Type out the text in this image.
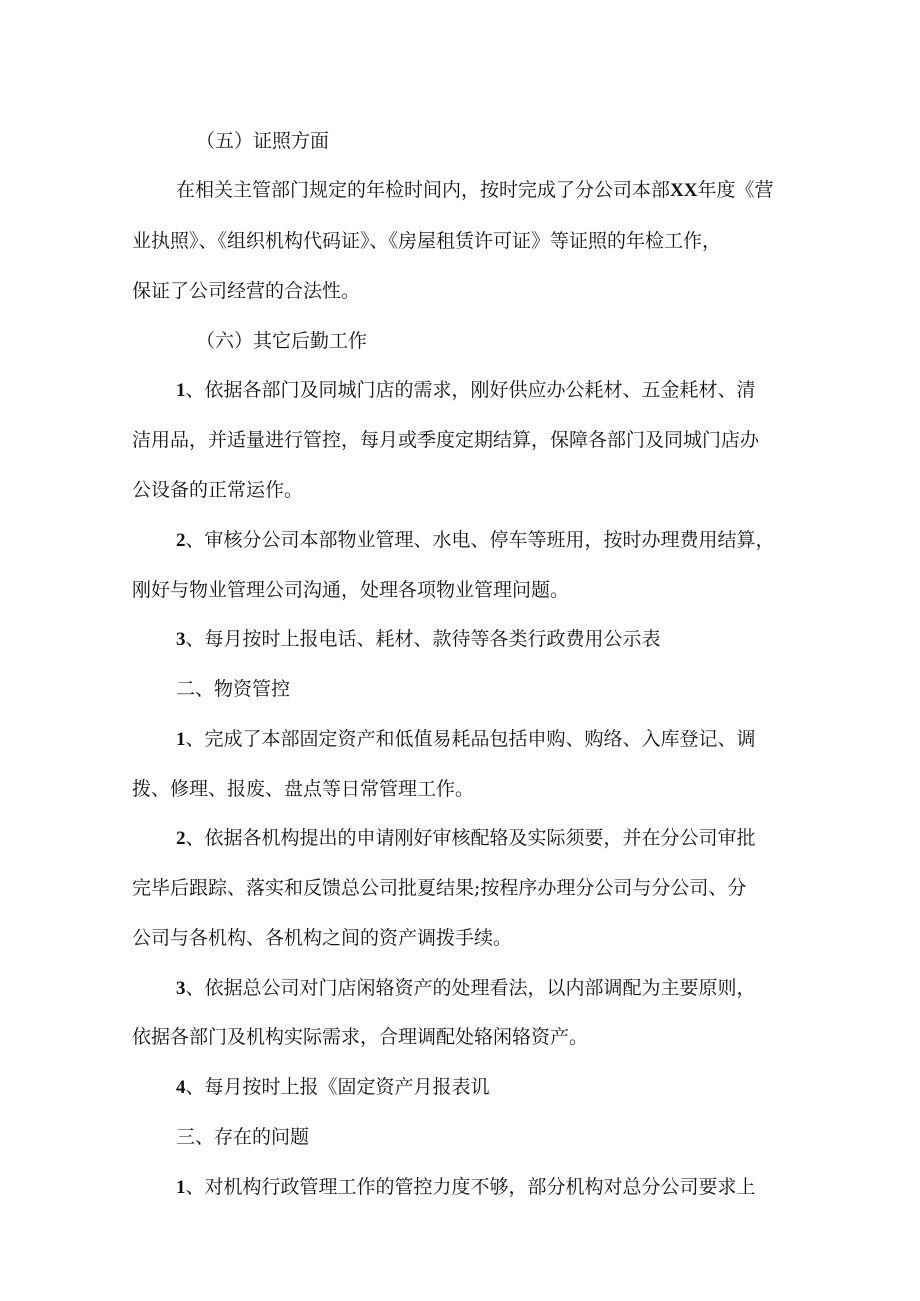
（五）证照方面
在相关主管部门规定的年检时间内，按时完成了分公司本部XX年度《营
业执照》、《组织机构代码证》、《房屋租赁许可证》等证照的年检工作，
保证了公司经营的合法性。
（六）其它后勤工作
1、依据各部门及同城门店的需求，刚好供应办公耗材、五金耗材、清
洁用品，并适量进行管控，每月或季度定期结算，保障各部门及同城门店办
公设备的正常运作。
2、审核分公司本部物业管理、水电、停车等班用，按时办理费用结算，
刚好与物业管理公司沟通，处理各项物业管理问题。
3、每月按时上报电话、耗材、款待等各类行政费用公示表
二、物资管控
1、完成了本部固定资产和低值易耗品包括申购、购络、入库登记、调
拨、修理、报废、盘点等日常管理工作。
2、依据各机构提出的申请刚好审核配辂及实际须要，并在分公司审批
完毕后跟踪、落实和反馈总公司批夏结果;按程序办理分公司与分公司、分
公司与各机构、各机构之间的资产调拨手续。
3、依据总公司对门店闲辂资产的处理看法，以内部调配为主要原则，
依据各部门及机构实际需求，合理调配处辂闲辂资产。
4、每月按时上报《固定资产月报表讥
三、存在的问题
1、对机构行政管理工作的管控力度不够，部分机构对总分公司要求上
